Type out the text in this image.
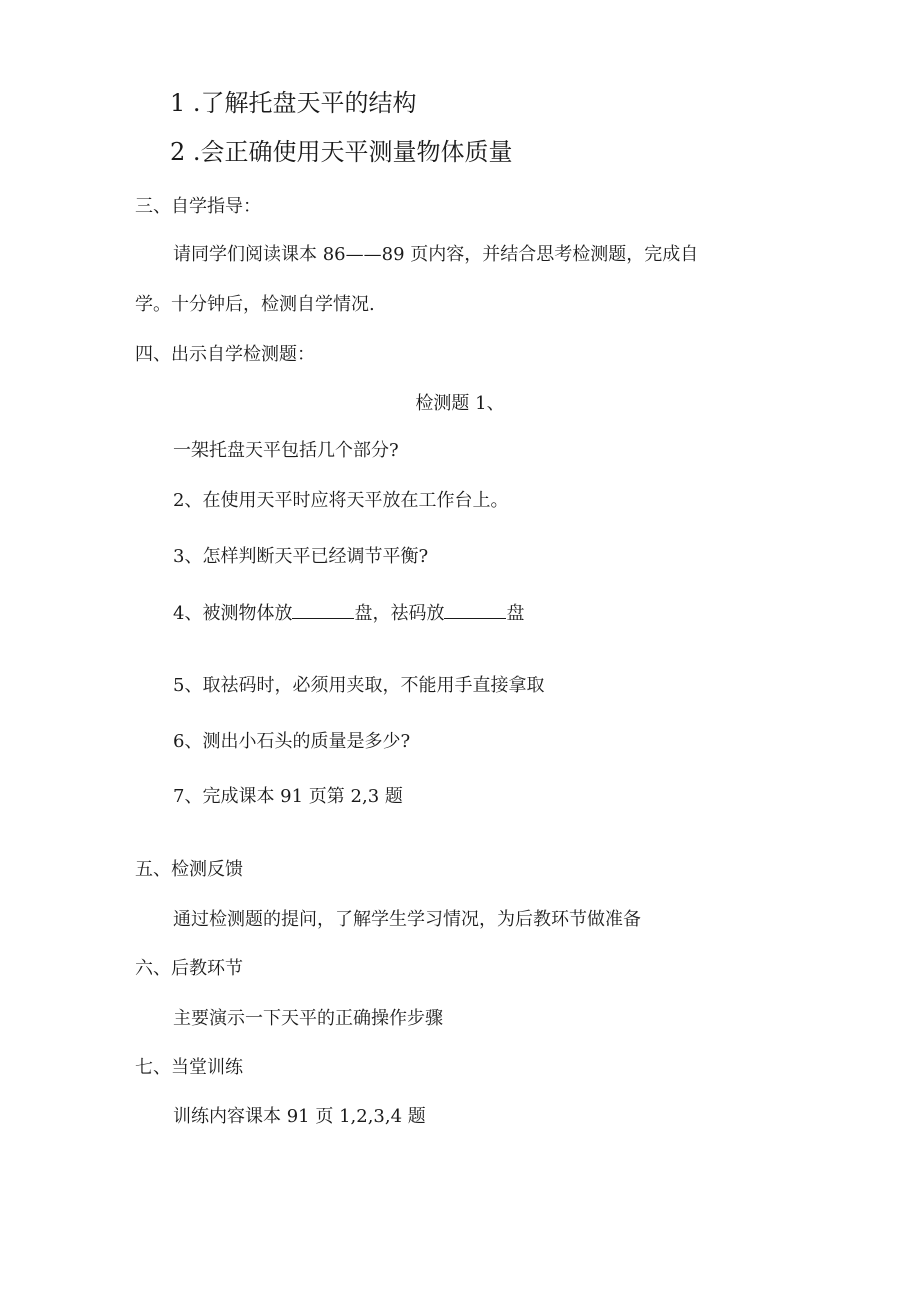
1 .了解托盘天平的结构
2 .会正确使用天平测量物体质量
三、自学指导：
请同学们阅读课本 86——89 页内容，并结合思考检测题，完成自
学。十分钟后，检测自学情况.
四、出示自学检测题：
检测题 1、
一架托盘天平包括几个部分?
2、在使用天平时应将天平放在工作台上。
3、怎样判断天平已经调节平衡?
4、被测物体放	盘，祛码放	盘
5、取祛码时，必须用夹取，不能用手直接拿取
6、测出小石头的质量是多少?
7、完成课本 91 页第 2,3 题
五、检测反馈
通过检测题的提问，了解学生学习情况，为后教环节做准备
六、后教环节
主要演示一下天平的正确操作步骤
七、当堂训练
训练内容课本 91 页 1,2,3,4 题
